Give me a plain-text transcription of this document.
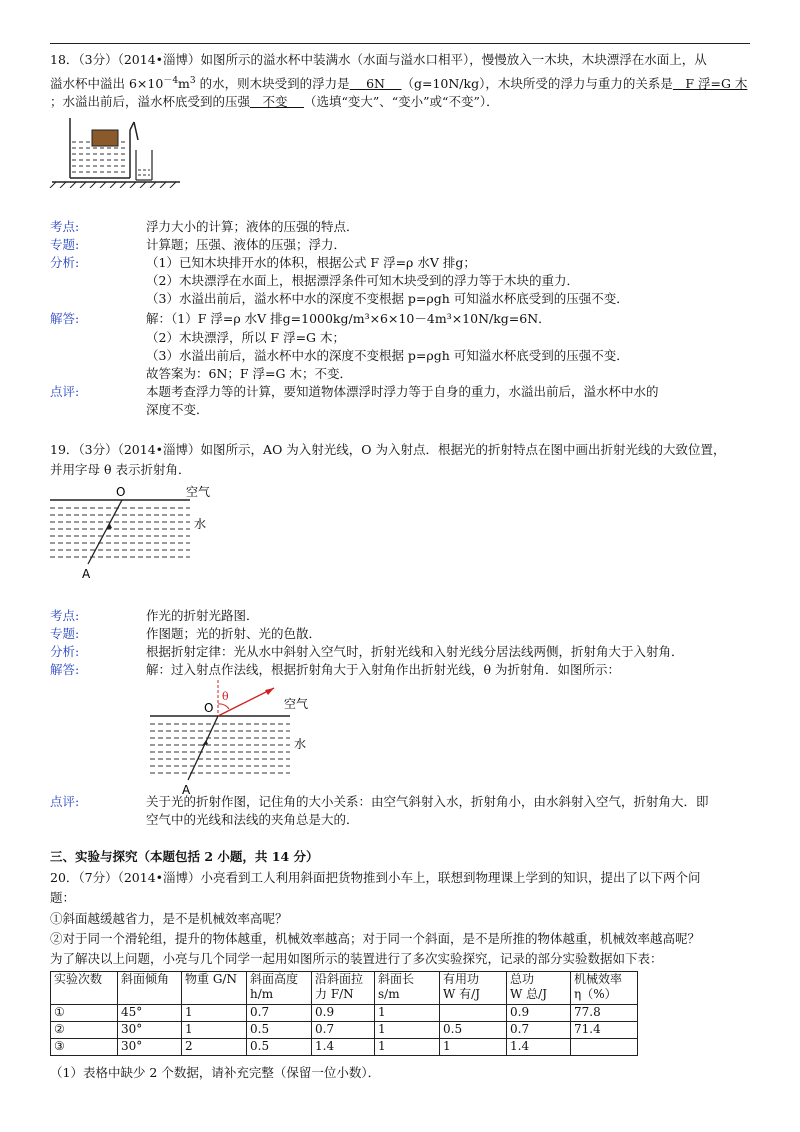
18．（3分）（2014•淄博）如图所示的溢水杯中装满水（水面与溢水口相平），慢慢放入一木块，木块漂浮在水面上，从
溢水杯中溢出 $6\times 10^{-4}m^3$ 的水，则木块受到的浮力是　 6N　 （g=10N/kg），木块所受的浮力与重力的关系是　F 浮=G 木
；水溢出前后，溢水杯底受到的压强　不变　 （选填“变大”、“变小”或“不变”）．
考点:	浮力大小的计算；液体的压强的特点．
专题:	计算题；压强、液体的压强；浮力．
分析:	（1）已知木块排开水的体积，根据公式 F 浮=ρ 水V 排g；
（2）木块漂浮在水面上，根据漂浮条件可知木块受到的浮力等于木块的重力．
（3）水溢出前后，溢水杯中水的深度不变根据 p=ρgh 可知溢水杯底受到的压强不变．
解答:	解：（1）F 浮=ρ 水V 排g=1000kg/m³×6×10－4m³×10N/kg=6N．
（2）木块漂浮，所以 F 浮=G 木；
（3）水溢出前后，溢水杯中水的深度不变根据 p=ρgh 可知溢水杯底受到的压强不变．
故答案为：6N；F 浮=G 木；不变．
点评:	本题考查浮力等的计算，要知道物体漂浮时浮力等于自身的重力，水溢出前后，溢水杯中水的
深度不变．
19．（3分）（2014•淄博）如图所示，AO 为入射光线，O 为入射点．根据光的折射特点在图中画出折射光线的大致位置，
并用字母 θ 表示折射角．
O	空气
水
A
考点:	作光的折射光路图．
专题:	作图题；光的折射、光的色散．
分析:	根据折射定律：光从水中斜射入空气时，折射光线和入射光线分居法线两侧，折射角大于入射角．
解答:	解：过入射点作法线，根据折射角大于入射角作出折射光线，θ 为折射角．如图所示：
θ
O	空气
水
A
点评:	关于光的折射作图，记住角的大小关系：由空气斜射入水，折射角小，由水斜射入空气，折射角大．即
空气中的光线和法线的夹角总是大的．
三、实验与探究（本题包括 2 小题，共 14 分）
20．（7分）（2014•淄博）小亮看到工人利用斜面把货物推到小车上，联想到物理课上学到的知识，提出了以下两个问
题：
①斜面越缓越省力，是不是机械效率高呢？
②对于同一个滑轮组，提升的物体越重，机械效率越高；对于同一个斜面，是不是所推的物体越重，机械效率越高呢？
为了解决以上问题，小亮与几个同学一起用如图所示的装置进行了多次实验探究，记录的部分实验数据如下表：
实验次数	斜面倾角	物重 G/N	斜面高度
h/m	沿斜面拉
力 F/N	斜面长
s/m	有用功
W 有/J	总功
W 总/J	机械效率
η（%）
①	45°	1	0.7	0.9	1		0.9	77.8
②	30°	1	0.5	0.7	1	0.5	0.7	71.4
③	30°	2	0.5	1.4	1	1	1.4	
（1）表格中缺少 2 个数据，请补充完整（保留一位小数）．
